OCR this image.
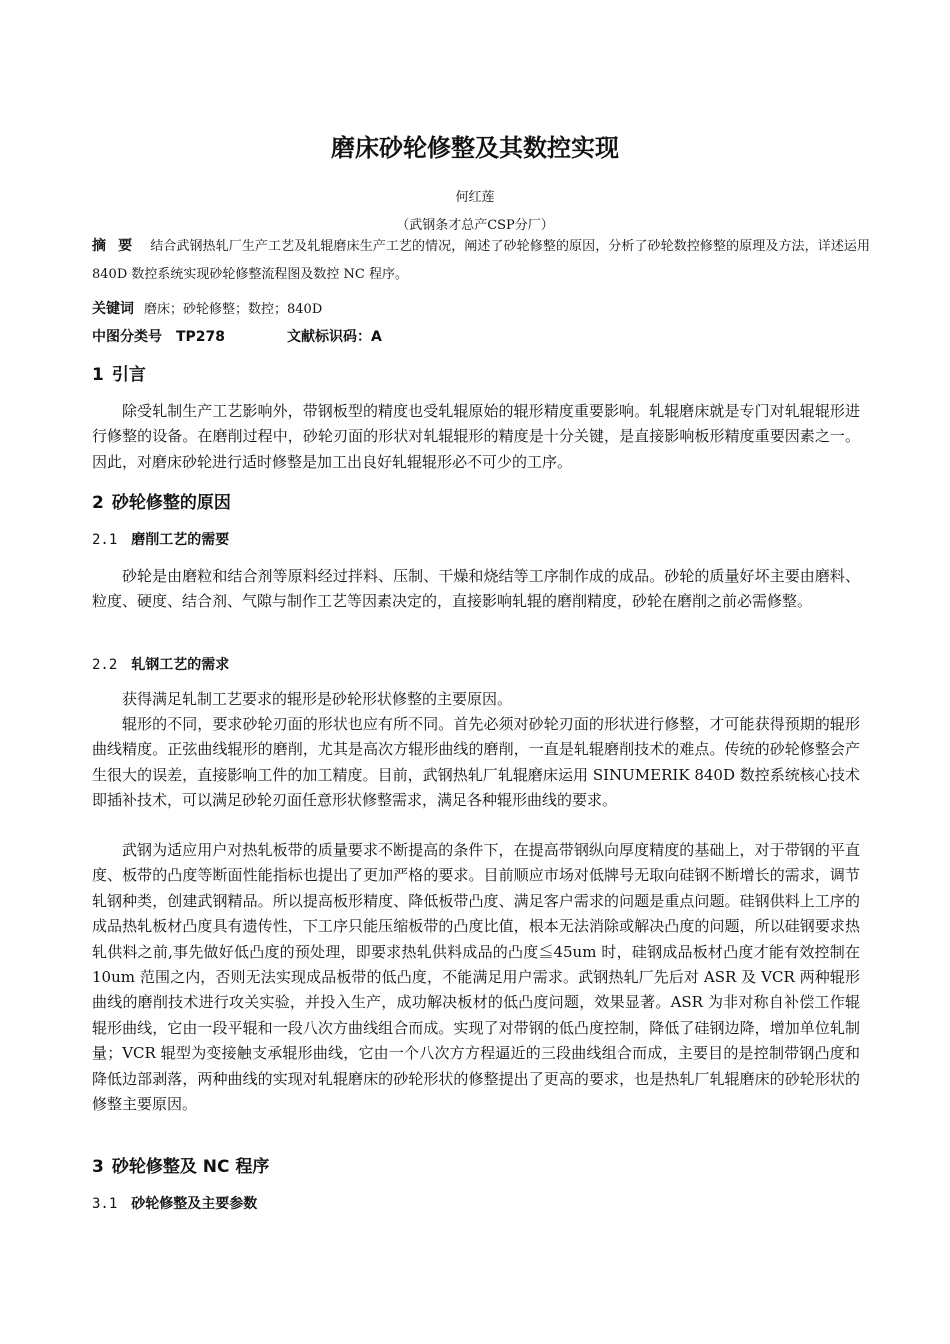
磨床砂轮修整及其数控实现
何红莲
（武钢条才总产CSP分厂）
摘要 结合武钢热轧厂生产工艺及轧辊磨床生产工艺的情况，阐述了砂轮修整的原因，分析了砂轮数控修整的原理及方法，详述运用 840D 数控系统实现砂轮修整流程图及数控 NC 程序。
关键词 磨床；砂轮修整；数控；840D
中图分类号 TP278	文献标识码：A
1 引言
除受轧制生产工艺影响外，带钢板型的精度也受轧辊原始的辊形精度重要影响。轧辊磨床就是专门对轧辊辊形进行修整的设备。在磨削过程中，砂轮刃面的形状对轧辊辊形的精度是十分关键，是直接影响板形精度重要因素之一。因此，对磨床砂轮进行适时修整是加工出良好轧辊辊形必不可少的工序。
2 砂轮修整的原因
2.1 磨削工艺的需要
砂轮是由磨粒和结合剂等原料经过拌料、压制、干燥和烧结等工序制作成的成品。砂轮的质量好坏主要由磨料、粒度、硬度、结合剂、气隙与制作工艺等因素决定的，直接影响轧辊的磨削精度，砂轮在磨削之前必需修整。
2.2 轧钢工艺的需求
获得满足轧制工艺要求的辊形是砂轮形状修整的主要原因。
辊形的不同，要求砂轮刃面的形状也应有所不同。首先必须对砂轮刃面的形状进行修整，才可能获得预期的辊形曲线精度。正弦曲线辊形的磨削，尤其是高次方辊形曲线的磨削，一直是轧辊磨削技术的难点。传统的砂轮修整会产生很大的误差，直接影响工件的加工精度。目前，武钢热轧厂轧辊磨床运用 SINUMERIK 840D 数控系统核心技术即插补技术，可以满足砂轮刃面任意形状修整需求，满足各种辊形曲线的要求。
武钢为适应用户对热轧板带的质量要求不断提高的条件下，在提高带钢纵向厚度精度的基础上，对于带钢的平直度、板带的凸度等断面性能指标也提出了更加严格的要求。目前顺应市场对低牌号无取向硅钢不断增长的需求，调节轧钢种类，创建武钢精品。所以提高板形精度、降低板带凸度、满足客户需求的问题是重点问题。硅钢供料上工序的成品热轧板材凸度具有遗传性，下工序只能压缩板带的凸度比值，根本无法消除或解决凸度的问题，所以硅钢要求热轧供料之前,事先做好低凸度的预处理，即要求热轧供料成品的凸度≦45um 时，硅钢成品板材凸度才能有效控制在 10um 范围之内，否则无法实现成品板带的低凸度，不能满足用户需求。武钢热轧厂先后对 ASR 及 VCR 两种辊形曲线的磨削技术进行攻关实验，并投入生产，成功解决板材的低凸度问题，效果显著。ASR 为非对称自补偿工作辊辊形曲线，它由一段平辊和一段八次方曲线组合而成。实现了对带钢的低凸度控制，降低了硅钢边降，增加单位轧制量；VCR 辊型为变接触支承辊形曲线，它由一个八次方方程逼近的三段曲线组合而成，主要目的是控制带钢凸度和降低边部剥落，两种曲线的实现对轧辊磨床的砂轮形状的修整提出了更高的要求，也是热轧厂轧辊磨床的砂轮形状的修整主要原因。
3 砂轮修整及 NC 程序
3.1 砂轮修整及主要参数
